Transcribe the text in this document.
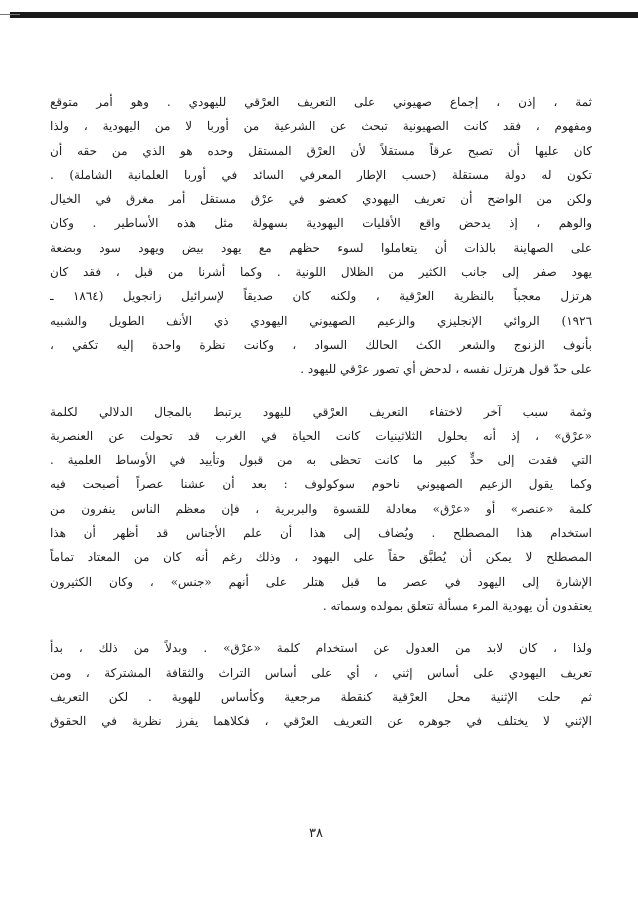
ثمة ، إذن ، إجماع صهيوني على التعريف العرْقي لليهودي . وهو أمر متوقع
ومفهوم ، فقد كانت الصهيونية تبحث عن الشرعية من أوربا لا من اليهودية ، ولذا
كان عليها أن تصبح عرقاً مستقلاً لأن العرْق المستقل وحده هو الذي من حقه أن
تكون له دولة مستقلة (حسب الإطار المعرفي السائد في أوربا العلمانية الشاملة) .
ولكن من الواضح أن تعريف اليهودي كعضو في عرْق مستقل أمر مغرق في الخيال
والوهم ، إذ يدحض واقع الأقليات اليهودية بسهولة مثل هذه الأساطير . وكان
على الصهاينة بالذات أن يتعاملوا لسوء حظهم مع يهود بيض ويهود سود وبضعة
يهود صفر إلى جانب الكثير من الظلال اللونية . وكما أشرنا من قبل ، فقد كان
هرتزل معجباً بالنظرية العرْقية ، ولكنه كان صديقاً لإسرائيل زانجويل (١٨٦٤ ـ
١٩٢٦) الروائي الإنجليزي والزعيم الصهيوني اليهودي ذي الأنف الطويل والشبيه
بأنوف الزنوج والشعر الكث الحالك السواد ، وكانت نظرة واحدة إليه تكفي ،
على حدّ قول هرتزل نفسه ، لدحض أي تصور عرْقي لليهود .
وثمة سبب آخر لاختفاء التعريف العرْقي لليهود يرتبط بالمجال الدلالي لكلمة
«عرْق» ، إذ أنه بحلول الثلاثينيات كانت الحياة في الغرب قد تحولت عن العنصرية
التي فقدت إلى حدٍّ كبير ما كانت تحظى به من قبول وتأييد في الأوساط العلمية .
وكما يقول الزعيم الصهيوني ناحوم سوكولوف : بعد أن عشنا عصراً أصبحت فيه
كلمة «عنصر» أو «عرْق» معادلة للقسوة والبربرية ، فإن معظم الناس ينفرون من
استخدام هذا المصطلح . ويُضاف إلى هذا أن علم الأجناس قد أظهر أن هذا
المصطلح لا يمكن أن يُطبَّق حقاً على اليهود ، وذلك رغم أنه كان من المعتاد تماماً
الإشارة إلى اليهود في عصر ما قبل هتلر على أنهم «جنس» ، وكان الكثيرون
يعتقدون أن يهودية المرء مسألة تتعلق بمولده وسماته .
ولذا ، كان لابد من العدول عن استخدام كلمة «عرْق» . وبدلاً من ذلك ، بدأ
تعريف اليهودي على أساس إثني ، أي على أساس التراث والثقافة المشتركة ، ومن
ثم حلت الإثنية محل العرْقية كنقطة مرجعية وكأساس للهوية . لكن التعريف
الإثني لا يختلف في جوهره عن التعريف العرْقي ، فكلاهما يفرز نظرية في الحقوق
٣٨
